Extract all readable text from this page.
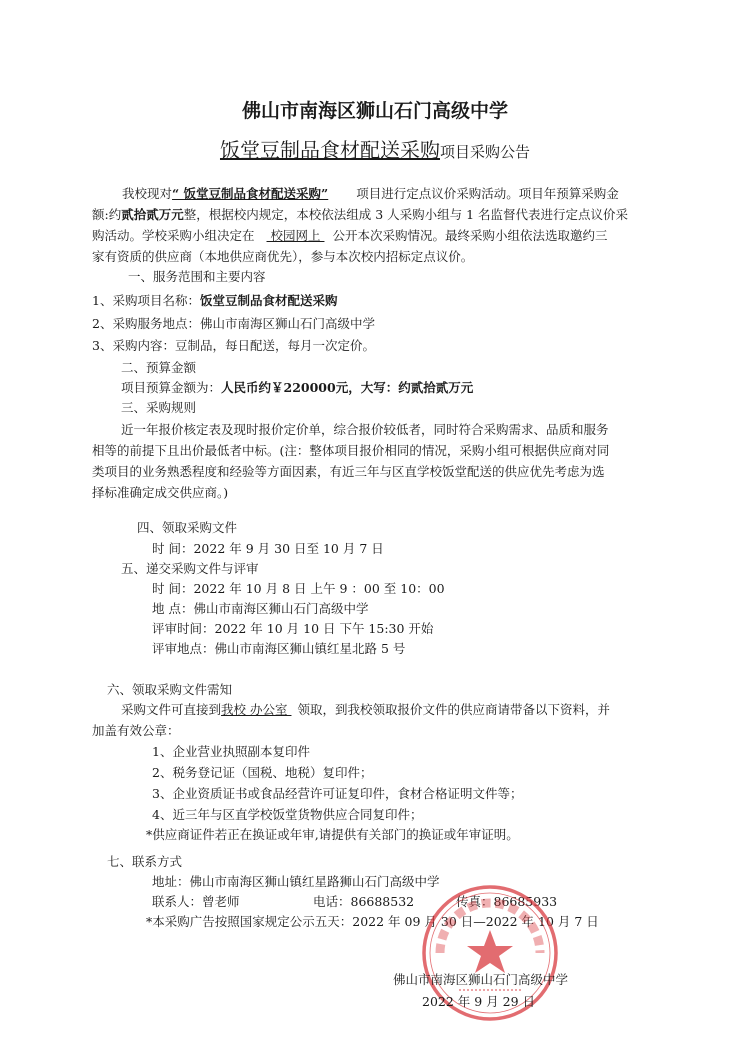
佛山市南海区狮山石门高级中学
饭堂豆制品食材配送采购项目采购公告
我校现对“ 饭堂豆制品食材配送采购” 项目进行定点议价采购活动。项目年预算采购金
额:约贰拾贰万元整，根据校内规定，本校依法组成 3 人采购小组与 1 名监督代表进行定点议价采
购活动。学校采购小组决定在 校园网上 公开本次采购情况。最终采购小组依法选取邀约三
家有资质的供应商（本地供应商优先），参与本次校内招标定点议价。
一、服务范围和主要内容
1、采购项目名称：饭堂豆制品食材配送采购
2、采购服务地点：佛山市南海区狮山石门高级中学
3、采购内容：豆制品，每日配送，每月一次定价。
二、预算金额
项目预算金额为：人民币约￥220000元，大写：约贰拾贰万元
三、采购规则
近一年报价核定表及现时报价定价单，综合报价较低者，同时符合采购需求、品质和服务
相等的前提下且出价最低者中标。(注：整体项目报价相同的情况，采购小组可根据供应商对同
类项目的业务熟悉程度和经验等方面因素，有近三年与区直学校饭堂配送的供应优先考虑为选
择标准确定成交供应商。)
四、领取采购文件
时 间：2022 年 9 月 30 日至 10 月 7 日
五、递交采购文件与评审
时 间：2022 年 10 月 8 日 上午 9 ：00 至 10：00
地 点：佛山市南海区狮山石门高级中学
评审时间：2022 年 10 月 10 日 下午 15:30 开始
评审地点：佛山市南海区狮山镇红星北路 5 号
六、领取采购文件需知
采购文件可直接到我校 办公室 领取，到我校领取报价文件的供应商请带备以下资料，并
加盖有效公章：
1、企业营业执照副本复印件
2、税务登记证（国税、地税）复印件；
3、企业资质证书或食品经营许可证复印件，食材合格证明文件等；
4、近三年与区直学校饭堂货物供应合同复印件；
*供应商证件若正在换证或年审,请提供有关部门的换证或年审证明。
七、联系方式
地址：佛山市南海区狮山镇红星路狮山石门高级中学
联系人：曾老师	电话：86688532	传真：86685933
*本采购广告按照国家规定公示五天：2022 年 09 月 30 日—2022 年 10 月 7 日
佛山市南海区狮山石门高级中学
2022 年 9 月 29 日
